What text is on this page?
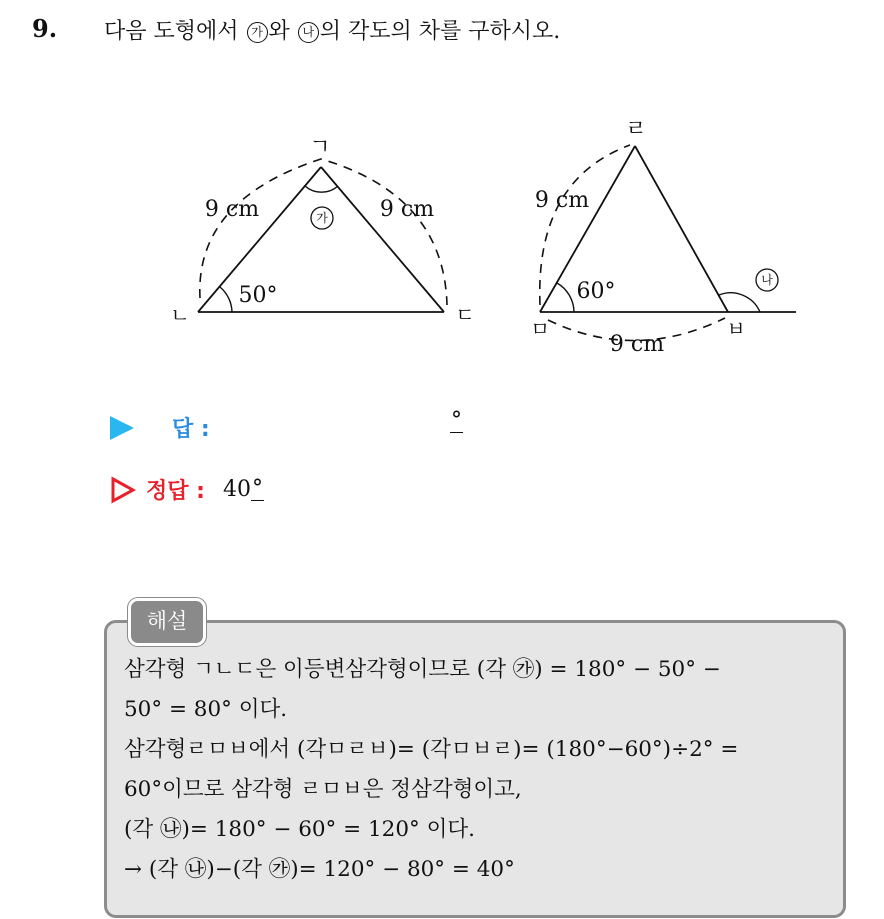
9. 다음 도형에서 가 와 나 의 각도의 차를 구하시오.
가
ㄱ
ㄴ	ㄷ
9 cm	9 cm
50°
나
ㄹ
ㅁ	ㅂ
9 cm
9 cm
60°
답 :	°
정답 : 40 °
해설
삼각형 ㄱㄴㄷ은 이등변삼각형이므로 (각 ㉮) = 180° − 50° −
50° = 80° 이다.
삼각형ㄹㅁㅂ에서 (각ㅁㄹㅂ)= (각ㅁㅂㄹ)= (180°−60°)÷2° =
60°이므로 삼각형 ㄹㅁㅂ은 정삼각형이고,
(각 ㉯)= 180° − 60° = 120° 이다.
→ (각 ㉯)−(각 ㉮)= 120° − 80° = 40°
